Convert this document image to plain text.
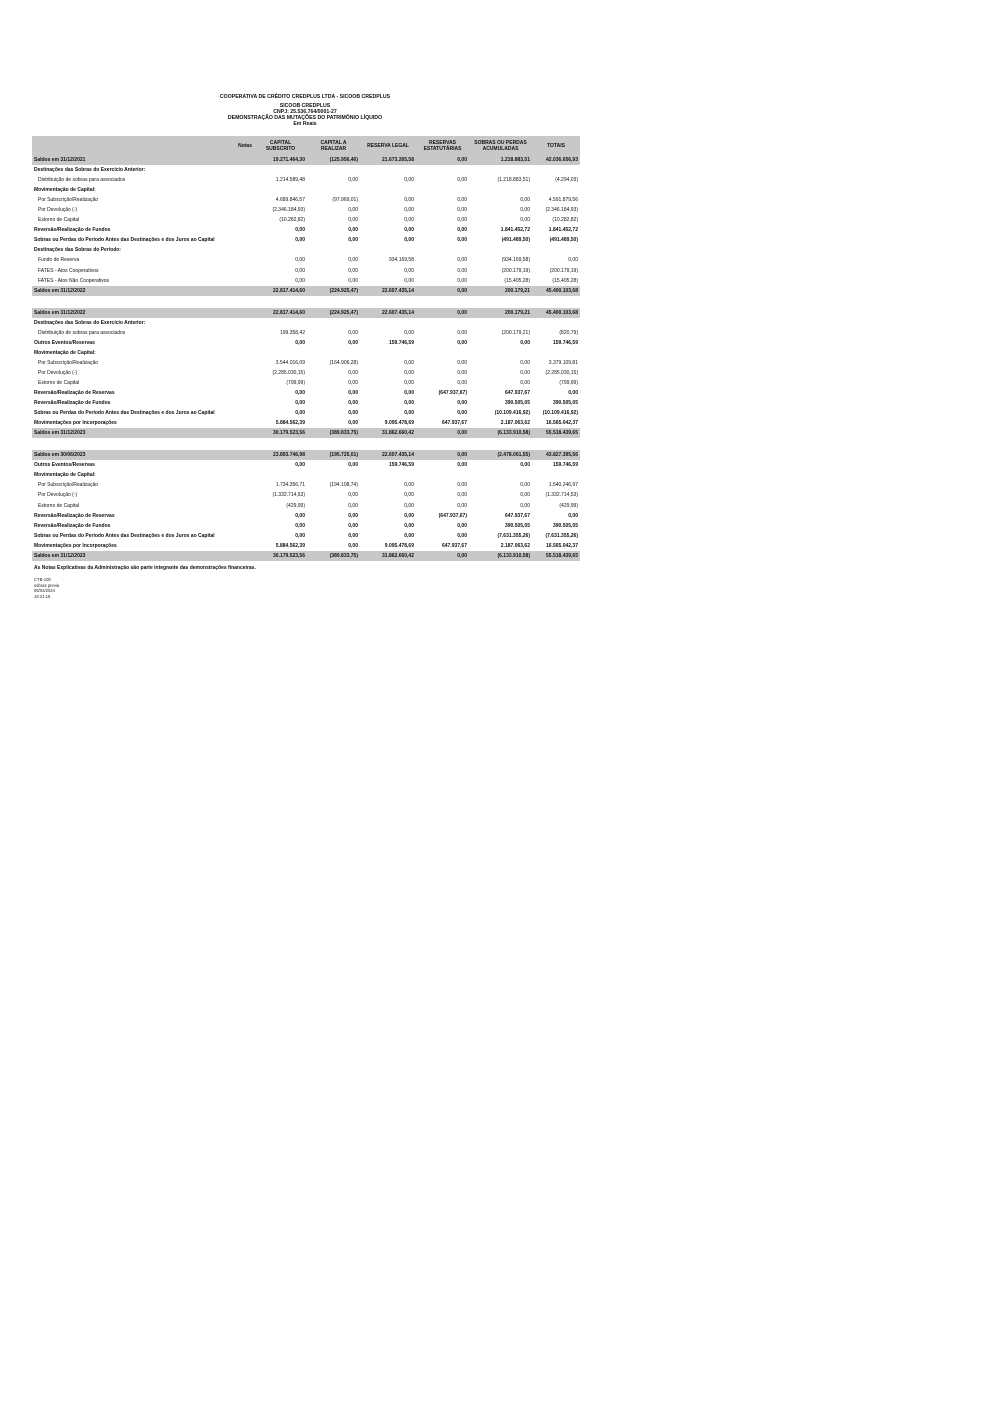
COOPERATIVA DE CRÉDITO CREDPLUS LTDA - SICOOB CREDPLUS
SICOOB CREDPLUS
CNPJ: 25.536.764/0001-27
DEMONSTRAÇÃO DAS MUTAÇÕES DO PATRIMÔNIO LÍQUIDO
Em Reais
	Notas	CAPITAL SUBSCRITO	CAPITAL A REALIZAR	RESERVA LEGAL	RESERVAS ESTATUTÁRIAS	SOBRAS OU PERDAS ACUMULADAS	TOTAIS
Saldos em 31/12/2021		19.271.464,30	(125.956,46)	21.673.265,58	0,00	1.218.883,51	42.036.656,93
Destinações das Sobras do Exercício Anterior:							
Distribuição de sobras para associados		1.214.589,48	0,00	0,00	0,00	(1.218.883,51)	(4.294,03)
Movimentação de Capital:							
Por Subscrição/Realização		4.689.846,57	(97.969,01)	0,00	0,00	0,00	4.591.879,56
Por Devolução (-)		(2.346.184,93)	0,00	0,00	0,00	0,00	(2.346.184,93)
Estorno de Capital		(10.282,82)	0,00	0,00	0,00	0,00	(10.282,82)
Reversão/Realização de Fundos		0,00	0,00	0,00	0,00	1.841.452,72	1.841.452,72
Sobras ou Perdas do Período Antes das Destinações e dos Juros ao Capital		0,00	0,00	0,00	0,00	(491.489,50)	(491.489,50)
Destinações das Sobras do Período:							
Fundo de Reserva		0,00	0,00	934.169,58	0,00	(934.169,58)	0,00
FATES - Atos Cooperativos		0,00	0,00	0,00	0,00	(200.179,19)	(200.179,19)
FATES - Atos Não Cooperativos		0,00	0,00	0,00	0,00	(15.405,28)	(15.405,28)
Saldos em 31/12/2022		22.817.414,60	(224.925,47)	22.607.435,14	0,00	200.179,21	45.400.103,68

Saldos em 31/12/2022		22.817.414,60	(224.925,47)	22.607.435,14	0,00	200.179,21	45.400.103,68
Destinações das Sobras do Exercício Anterior:							
Distribuição de sobras para associados		199.358,42	0,00	0,00	0,00	(200.179,21)	(820,79)
Outros Eventos/Reservas		0,00	0,00	159.746,59	0,00	0,00	159.746,59
Movimentação de Capital:							
Por Subscrição/Realização		3.544.016,09	(164.906,28)	0,00	0,00	0,00	3.379.109,81
Por Devolução (-)		(2.285.030,15)	0,00	0,00	0,00	0,00	(2.285.030,15)
Estorno de Capital		(799,99)	0,00	0,00	0,00	0,00	(799,99)
Reversão/Realização de Reservas		0,00	0,00	0,00	(647.937,67)	647.937,67	0,00
Reversão/Realização de Fundos		0,00	0,00	0,00	0,00	390.505,05	390.505,05
Sobras ou Perdas do Período Antes das Destinações e dos Juros ao Capital		0,00	0,00	0,00	0,00	(10.109.416,92)	(10.109.416,92)
Movimentações por Incorporações		5.884.562,39	0,00	9.095.478,69	647.937,67	2.187.063,62	16.565.042,37
Saldos em 31/12/2023		30.179.523,56	(389.833,75)	31.862.660,42	0,00	(6.133.910,58)	55.518.439,65

Saldos em 30/06/2023		23.893.746,98	(195.725,01)	22.607.435,14	0,00	(2.478.061,55)	43.827.395,56
Outros Eventos/Reservas		0,00	0,00	159.746,59	0,00	0,00	159.746,59
Movimentação de Capital:							
Por Subscrição/Realização		1.734.356,71	(194.108,74)	0,00	0,00	0,00	1.540.246,97
Por Devolução (-)		(1.332.714,53)	0,00	0,00	0,00	0,00	(1.332.714,53)
Estorno de Capital		(429,99)	0,00	0,00	0,00	0,00	(429,99)
Reversão/Realização de Reservas		0,00	0,00	0,00	(647.937,67)	647.937,67	0,00
Reversão/Realização de Fundos		0,00	0,00	0,00	0,00	390.505,05	390.505,05
Sobras ou Perdas do Período Antes das Destinações e dos Juros ao Capital		0,00	0,00	0,00	0,00	(7.631.355,26)	(7.631.355,26)
Movimentações por Incorporações		5.884.562,39	0,00	9.095.478,69	647.937,67	2.187.063,62	16.565.042,37
Saldos em 31/12/2023		30.179.523,56	(389.833,75)	31.862.660,42	0,00	(6.133.910,58)	55.518.439,65
As Notas Explicativas da Administração são parte integrante das demonstrações financeiras.
CTB-100
sobras previa
05/03/2024
16:21:18
